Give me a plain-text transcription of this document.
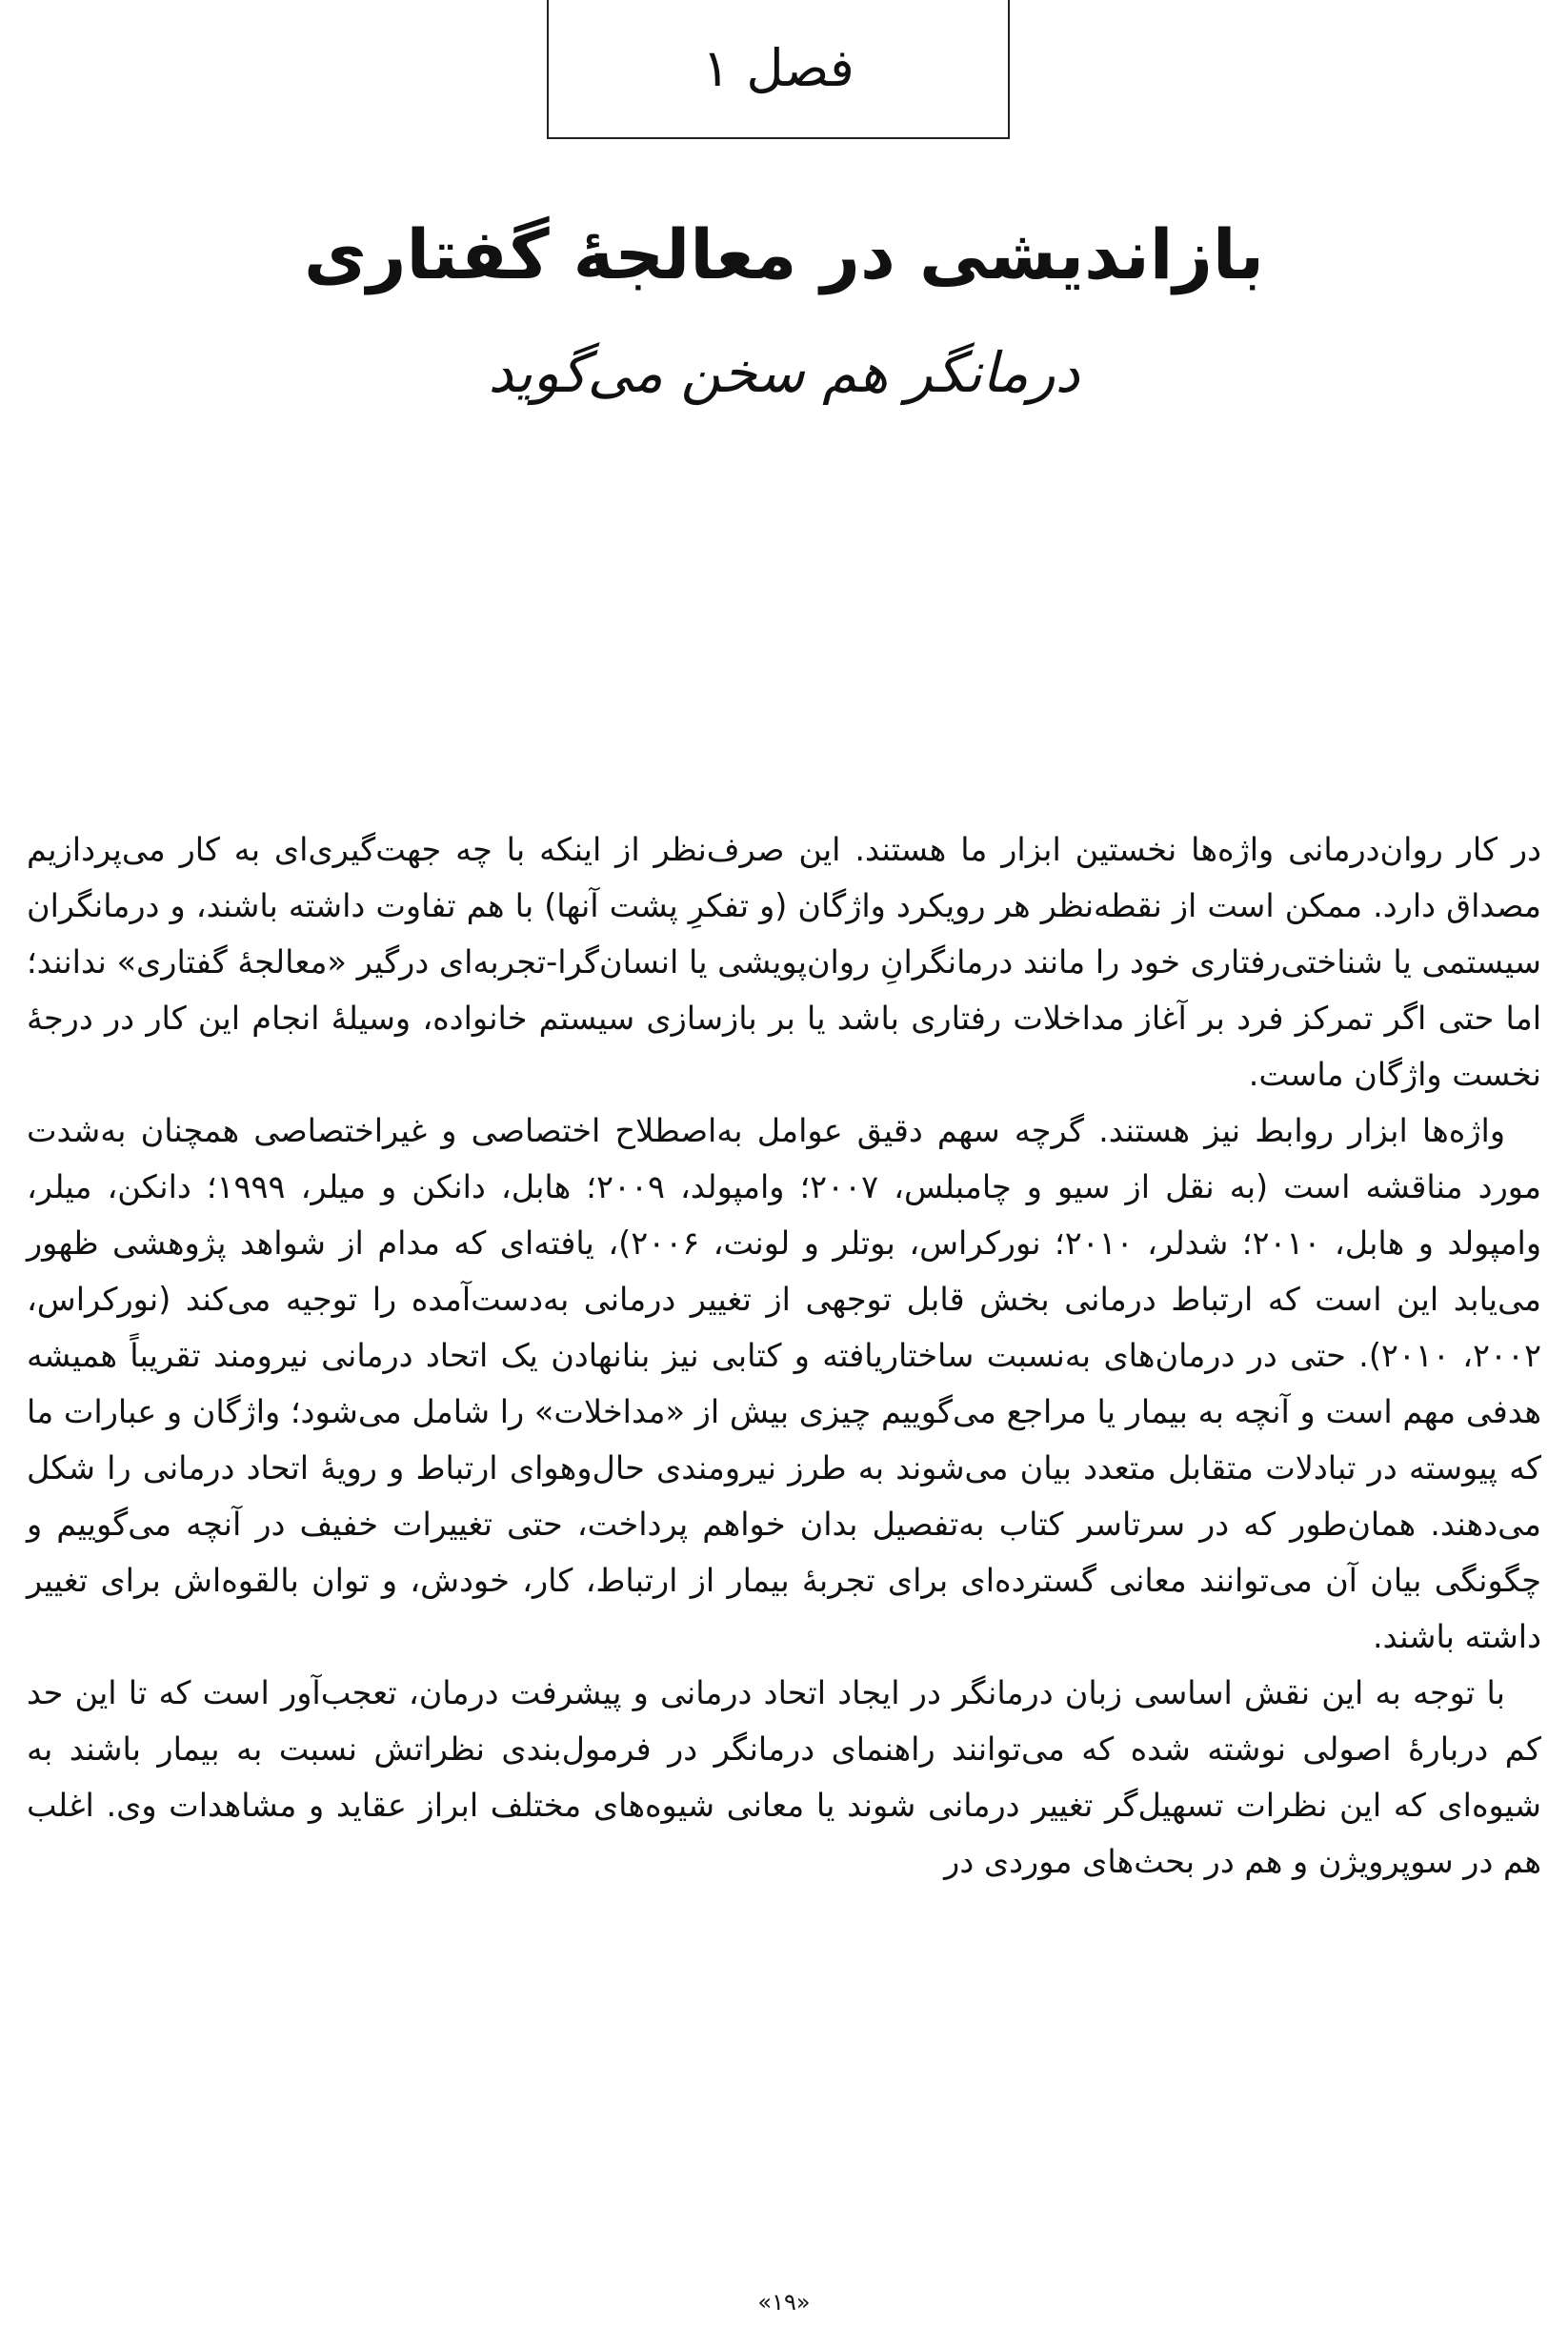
فصل ۱
بازاندیشی در معالجهٔ گفتاری
درمانگر هم سخن می‌گوید

در کار روان‌درمانی واژه‌ها نخستین ابزار ما هستند. این صرف‌نظر از اینکه با چه جهت‌گیری‌ای به کار می‌پردازیم مصداق دارد. ممکن است از نقطه‌نظر هر رویکرد واژگان (و تفکرِ پشت آنها) با هم تفاوت داشته باشند، و درمانگران سیستمی یا شناختی‌رفتاری خود را مانند درمانگرانِ روان‌پویشی یا انسان‌گرا-تجربه‌ای درگیر «معالجهٔ گفتاری» ندانند؛ اما حتی اگر تمرکز فرد بر آغاز مداخلات رفتاری باشد یا بر بازسازی سیستم خانواده، وسیلهٔ انجام این کار در درجهٔ نخست واژگان ماست.

واژه‌ها ابزار روابط نیز هستند. گرچه سهم دقیق عوامل به‌اصطلاح اختصاصی و غیراختصاصی همچنان به‌شدت مورد مناقشه است (به نقل از سیو و چامبلس، ۲۰۰۷؛ وامپولد، ۲۰۰۹؛ هابل، دانکن و میلر، ۱۹۹۹؛ دانکن، میلر، وامپولد و هابل، ۲۰۱۰؛ شدلر، ۲۰۱۰؛ نورکراس، بوتلر و لونت، ۲۰۰۶)، یافته‌ای که مدام از شواهد پژوهشی ظهور می‌یابد این است که ارتباط درمانی بخش قابل توجهی از تغییر درمانی به‌دست‌آمده را توجیه می‌کند (نورکراس، ۲۰۰۲، ۲۰۱۰). حتی در درمان‌های به‌نسبت ساختاریافته و کتابی نیز بنانهادن یک اتحاد درمانی نیرومند تقریباً همیشه هدفی مهم است و آنچه به بیمار یا مراجع می‌گوییم چیزی بیش از «مداخلات» را شامل می‌شود؛ واژگان و عبارات ما که پیوسته در تبادلات متقابل متعدد بیان می‌شوند به طرز نیرومندی حال‌وهوای ارتباط و رویهٔ اتحاد درمانی را شکل می‌دهند. همان‌طور که در سرتاسر کتاب به‌تفصیل بدان خواهم پرداخت، حتی تغییرات خفیف در آنچه می‌گوییم و چگونگی بیان آن می‌توانند معانی گسترده‌ای برای تجربهٔ بیمار از ارتباط، کار، خودش، و توان بالقوه‌اش برای تغییر داشته باشند.

با توجه به این نقش اساسی زبان درمانگر در ایجاد اتحاد درمانی و پیشرفت درمان، تعجب‌آور است که تا این حد کم دربارهٔ اصولی نوشته شده که می‌توانند راهنمای درمانگر در فرمول‌بندی نظراتش نسبت به بیمار باشند به شیوه‌ای که این نظرات تسهیل‌گر تغییر درمانی شوند یا معانی شیوه‌های مختلف ابراز عقاید و مشاهدات وی. اغلب هم در سوپرویژن و هم در بحث‌های موردی در

«۱۹»
